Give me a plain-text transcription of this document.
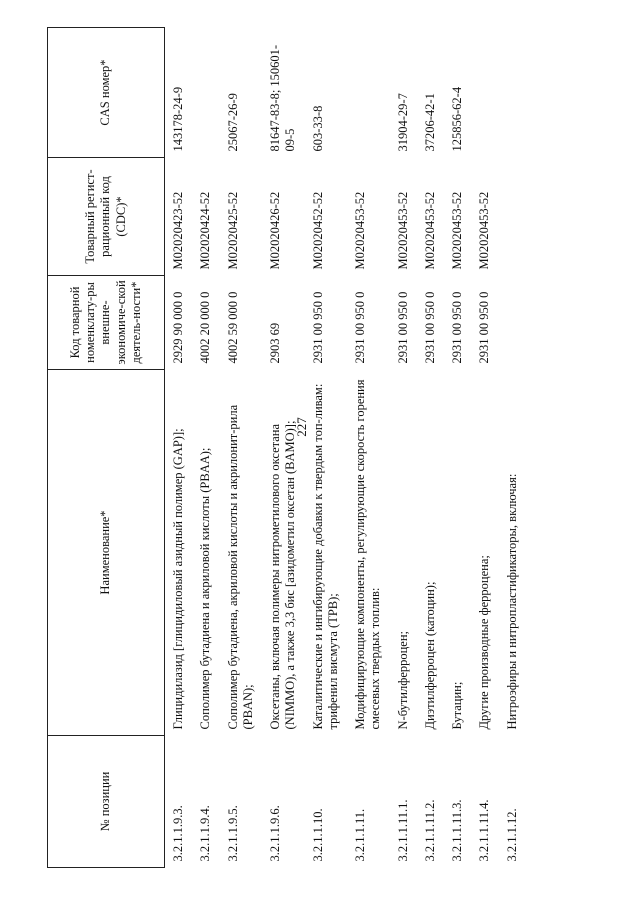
227
№ позиции	Наименование*	Код товарной номенклату-ры внешне-экономиче-ской деятель-ности*	Товарный регист-рационный код (CDC)*	CAS номер*
3.2.1.1.9.3.	Глицидилазид [глицидиловый азидный полимер (GAP)];	2929 90 000 0	M02020423-52	143178-24-9
3.2.1.1.9.4.	Сополимер бутадиена и акриловой кислоты (PBAA);	4002 20 000 0	M02020424-52	
3.2.1.1.9.5.	Сополимер бутадиена, акриловой кислоты и акрилонит-рила (PBAN);	4002 59 000 0	M02020425-52	25067-26-9
3.2.1.1.9.6.	Оксетаны, включая полимеры нитрометилового оксетана (NIMMO), а также 3,3 бис [азидометил оксетан (BAMO)];	2903 69	M02020426-52	81647-83-8; 150601-09-5
3.2.1.1.10.	Каталитические и ингибирующие добавки к твердым топ-ливам: трифенил висмута (TPB);	2931 00 950 0	M02020452-52	603-33-8
3.2.1.1.11.	Модифицирующие компоненты, регулирующие скорость горения смесевых твердых топлив:	2931 00 950 0	M02020453-52	
3.2.1.1.11.1.	N-бутилферроцен;	2931 00 950 0	M02020453-52	31904-29-7
3.2.1.1.11.2.	Диэтилферроцен (катоцин);	2931 00 950 0	M02020453-52	37206-42-1
3.2.1.1.11.3.	Бутацин;	2931 00 950 0	M02020453-52	125856-62-4
3.2.1.1.11.4.	Другие производные ферроцена;	2931 00 950 0	M02020453-52	
3.2.1.1.12.	Нитроэфиры и нитропластификаторы, включая:			
